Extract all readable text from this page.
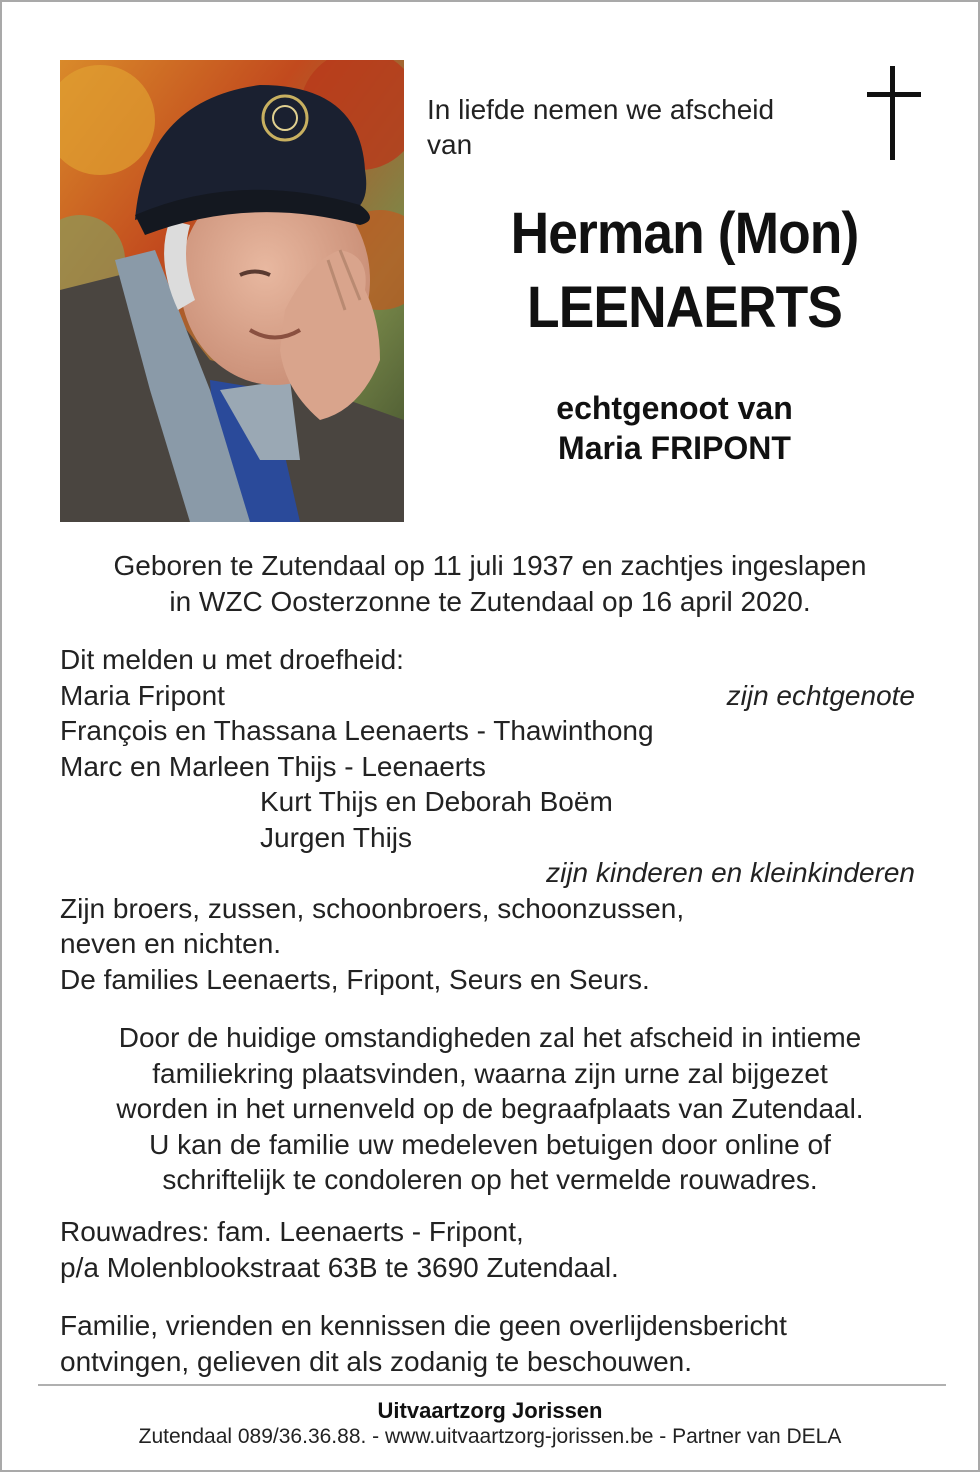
In liefde nemen we afscheid
van
Herman (Mon)
LEENAERTS
echtgenoot van
Maria FRIPONT
Geboren te Zutendaal op 11 juli 1937 en zachtjes ingeslapen
in WZC Oosterzonne te Zutendaal op 16 april 2020.
Dit melden u met droefheid:
Maria Fripont	zijn echtgenote
François en Thassana Leenaerts - Thawinthong
Marc en Marleen Thijs - Leenaerts
Kurt Thijs en Deborah Boëm
Jurgen Thijs
zijn kinderen en kleinkinderen
Zijn broers, zussen, schoonbroers, schoonzussen,
neven en nichten.
De families Leenaerts, Fripont, Seurs en Seurs.
Door de huidige omstandigheden zal het afscheid in intieme
familiekring plaatsvinden, waarna zijn urne zal bijgezet
worden in het urnenveld op de begraafplaats van Zutendaal.
U kan de familie uw medeleven betuigen door online of
schriftelijk te condoleren op het vermelde rouwadres.
Rouwadres: fam. Leenaerts - Fripont,
p/a Molenblookstraat 63B te 3690 Zutendaal.
Familie, vrienden en kennissen die geen overlijdensbericht
ontvingen, gelieven dit als zodanig te beschouwen.
Uitvaartzorg Jorissen
Zutendaal 089/36.36.88. - www.uitvaartzorg-jorissen.be - Partner van DELA
